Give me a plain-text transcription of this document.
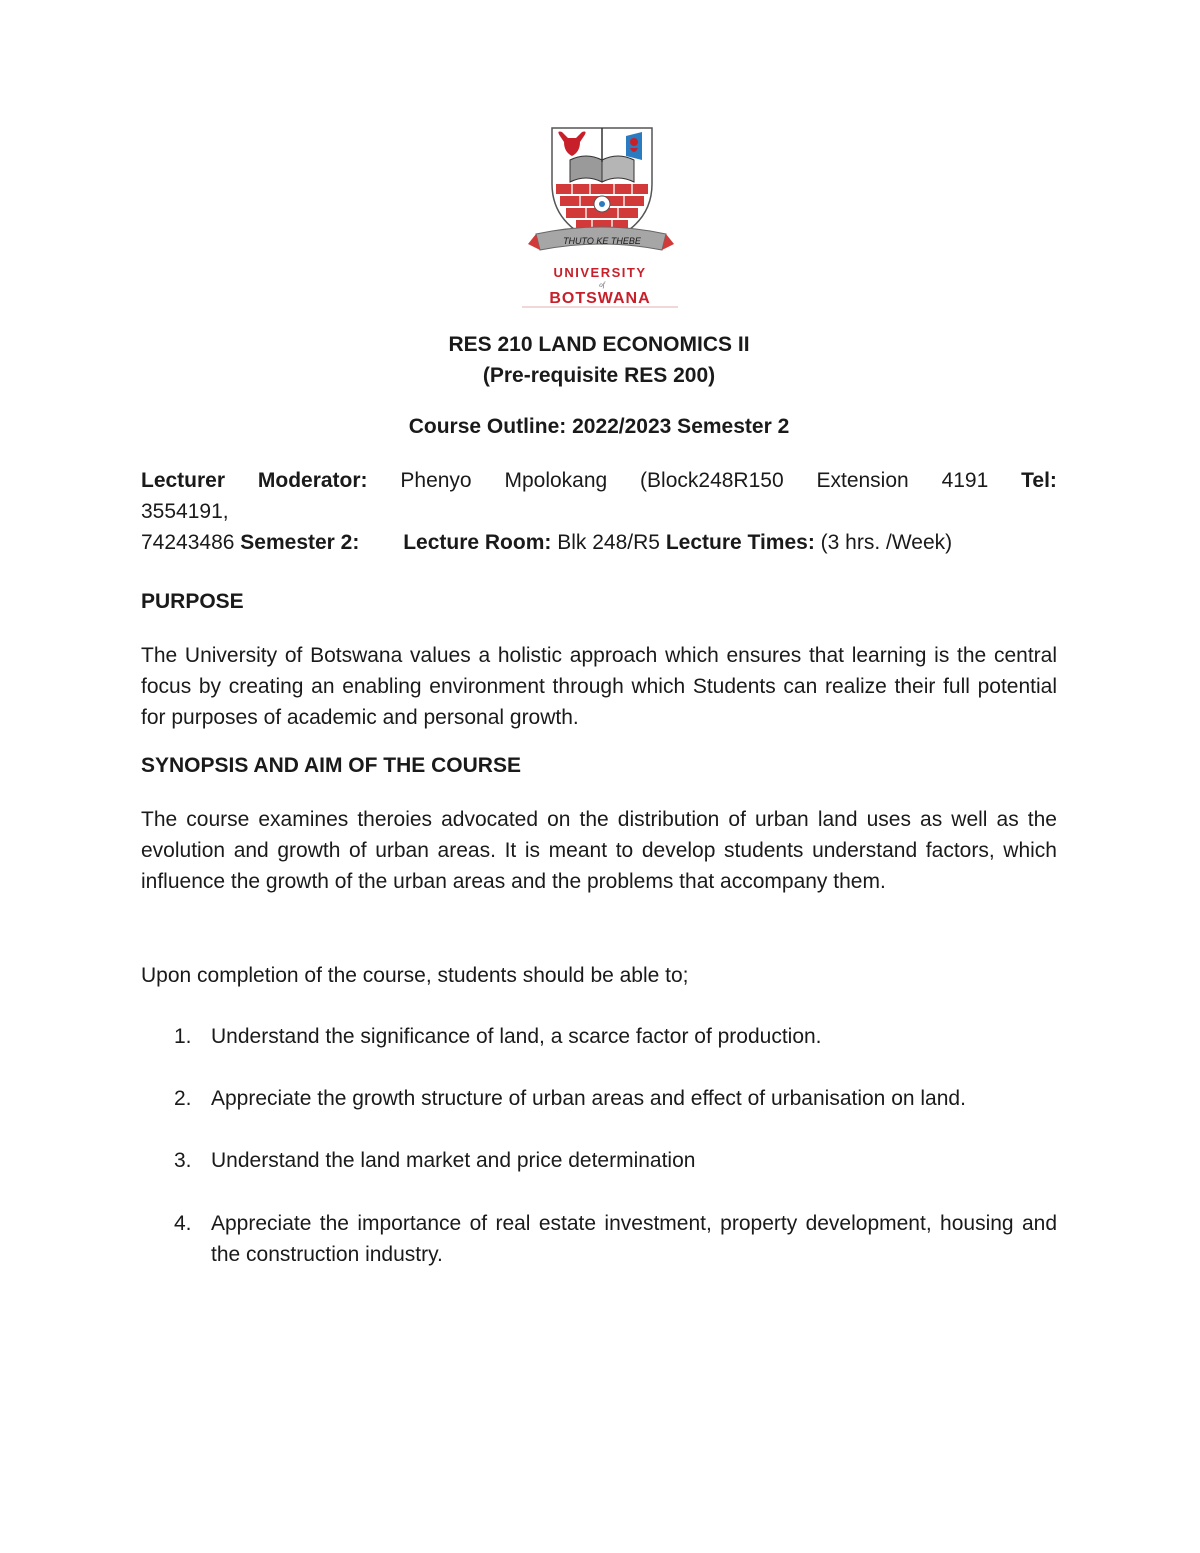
THUTO KE THEBE
UNIVERSITY
of
BOTSWANA
RES 210 LAND ECONOMICS II
(Pre-requisite RES 200)
Course Outline: 2022/2023 Semester 2
Lecturer Moderator: Phenyo Mpolokang (Block248R150 Extension 4191 Tel:
3554191,
74243486 Semester 2: Lecture Room: Blk 248/R5 Lecture Times: (3 hrs. /Week)
PURPOSE
The University of Botswana values a holistic approach which ensures that learning is the central focus by creating an enabling environment through which Students can realize their full potential for purposes of academic and personal growth.
SYNOPSIS AND AIM OF THE COURSE
The course examines theroies advocated on the distribution of urban land uses as well as the evolution and growth of urban areas. It is meant to develop students understand factors, which influence the growth of the urban areas and the problems that accompany them.
Upon completion of the course, students should be able to;
1. Understand the significance of land, a scarce factor of production.
2. Appreciate the growth structure of urban areas and effect of urbanisation on land.
3. Understand the land market and price determination
4. Appreciate the importance of real estate investment, property development, housing and the construction industry.
